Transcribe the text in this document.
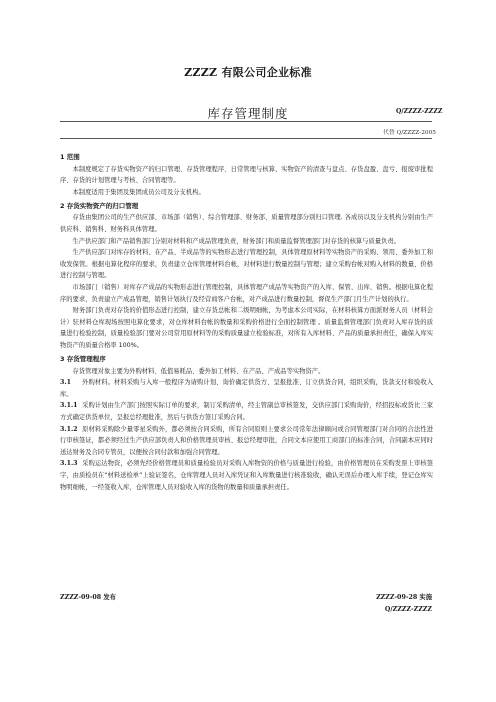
ZZZZ 有限公司企业标准
库存管理制度	Q/ZZZZ-ZZZZ
代替 Q/ZZZZ-2005

1 范围

本制度规定了存货实物资产的归口管理、存货管理程序、日常管理与核算、实物资产的清查与盘点、存货盘盈、盘亏、报废审批程序、存货的计划管理与考核、合同管理等。

本制度适用于集团及集团成员公司及分支机构。

2 存货实物资产的归口管理

存货由集团公司的生产供应部、市场部（销售）、综合管理部、财务部、质量管理部分别归口管理. 各成员以及分支机构分别由生产供应科、销售科、财务科具体管理。

生产供应部门和产品销售部门分别对材料和产成品管理负责，财务部门和质量监督管理部门对存货的核算与质量负责。

生产供应部门对库存的材料、在产品、半成品等的实物形态进行管理控制，具体管理原材料等实物资产的采购、领用、委外加工和收发保管。根据电算化程序的要求，负责建立仓库管理材料台帐，对材料进行数量控制与管理；建立采购台帐对购入材料的数量、价格进行控制与管理。

市场部门（销售）对库存产成品的实物形态进行管理控制，具体管理产成品等实物资产的入库、保管、出库、销售。根据电算化程序的要求，负责建立产成品管理，销售计划执行及经营商客户台帐，对产成品进行数量控制，督促生产部门月生产计划的执行。

财务部门负责对存货的价值形态进行控制，建立存货总帐和二级明细帐，为考虑本公司实际，在材料核算方面派财务人员（材料会计）驻材料仓库现场按照电算化要求，对仓库材料台帐的数量和采购价格进行全面控制管理 。质量监督管理部门负责对入库存货的质量进行检验控制，质量检验部门要对公司常用原材料等的采购质量建立检验标准，对所有入库材料、产品的质量承担责任，确保入库实物资产的质量合格率 100%。

3 存货管理程序

存货管理对象主要为外购材料、低值易耗品、委外加工材料、在产品、产成品等实物资产。

3.1 外购材料。材料采购与入库一般程序为请购计划、询价确定供货方、呈报批准、订立供货合同，组织采购，货款支付和验收入库。

3.1.1 采购计划由生产部门按照实际订单的要求，制订采购清单，经主管副总审核签发，交供应部门采购询价，经招投标或货比三家方式确定供货单位，呈报总经理批准，然后与供货方签订采购合同。

3.1.2 原材料采购除少量零星采购外，都必须按合同采购，所有合同原则上要求公司常年法律顾问或合同管理部门对合同的合法性进行审核签证，都必须经过生产供应部负责人和价格管理员审核、报总经理审批，合同文本应使用工商部门的标准合同，合同副本应同时送达财务及合同专管员，以便按合同付款和加强合同管理。

3.1.3 采购运达物资，必须先经价格管理员和质量检验员对采购入库物资的价格与质量进行检验，由价格管理员在采购发票上审核签字，由质检员在“材料送检单”上验证签名，仓库管理人员对入库凭证和入库数量进行核准验收，确认无误后办理入库手续，登记仓库实物明细帐，一经签收入库，仓库管理人员对验收入库的货物的数量和质量承担责任。

ZZZZ-09-08 发布	ZZZZ-09-28 实施
Q/ZZZZ-ZZZZ
